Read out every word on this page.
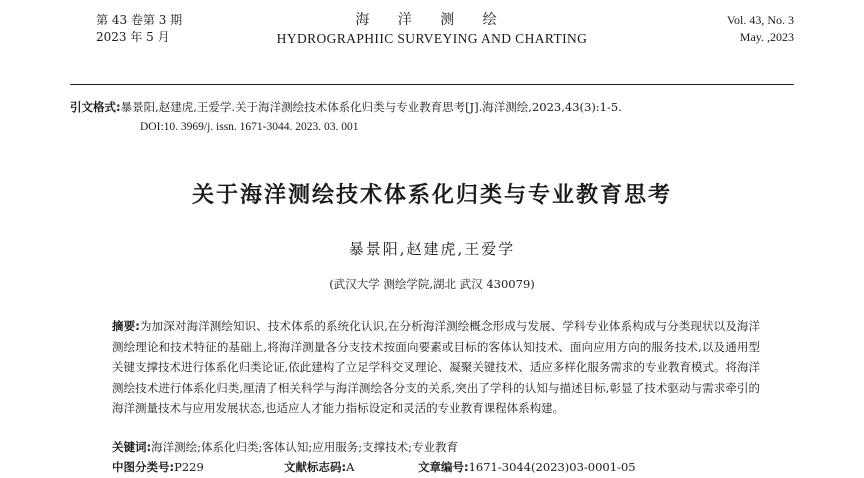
第 43 卷第 3 期
2023 年 5 月
海 洋 测 绘
HYDROGRAPHIIC SURVEYING AND CHARTING
Vol. 43, No. 3
May. ,2023
引文格式:暴景阳,赵建虎,王爱学.关于海洋测绘技术体系化归类与专业教育思考[J].海洋测绘,2023,43(3):1-5.
DOI:10. 3969/j. issn. 1671-3044. 2023. 03. 001
关于海洋测绘技术体系化归类与专业教育思考
暴景阳,赵建虎,王爱学
(武汉大学 测绘学院,湖北 武汉 430079)
摘要:为加深对海洋测绘知识、技术体系的系统化认识,在分析海洋测绘概念形成与发展、学科专业体系构成与分类现状以及海洋测绘理论和技术特征的基础上,将海洋测量各分支技术按面向要素或目标的客体认知技术、面向应用方向的服务技术,以及通用型关键支撑技术进行体系化归类论证,依此建构了立足学科交叉理论、凝聚关键技术、适应多样化服务需求的专业教育模式。将海洋测绘技术进行体系化归类,厘清了相关科学与海洋测绘各分支的关系,突出了学科的认知与描述目标,彰显了技术驱动与需求牵引的海洋测量技术与应用发展状态,也适应人才能力指标设定和灵活的专业教育课程体系构建。
关键词:海洋测绘;体系化归类;客体认知;应用服务;支撑技术;专业教育
中图分类号:P229	文献标志码:A	文章编号:1671-3044(2023)03-0001-05
